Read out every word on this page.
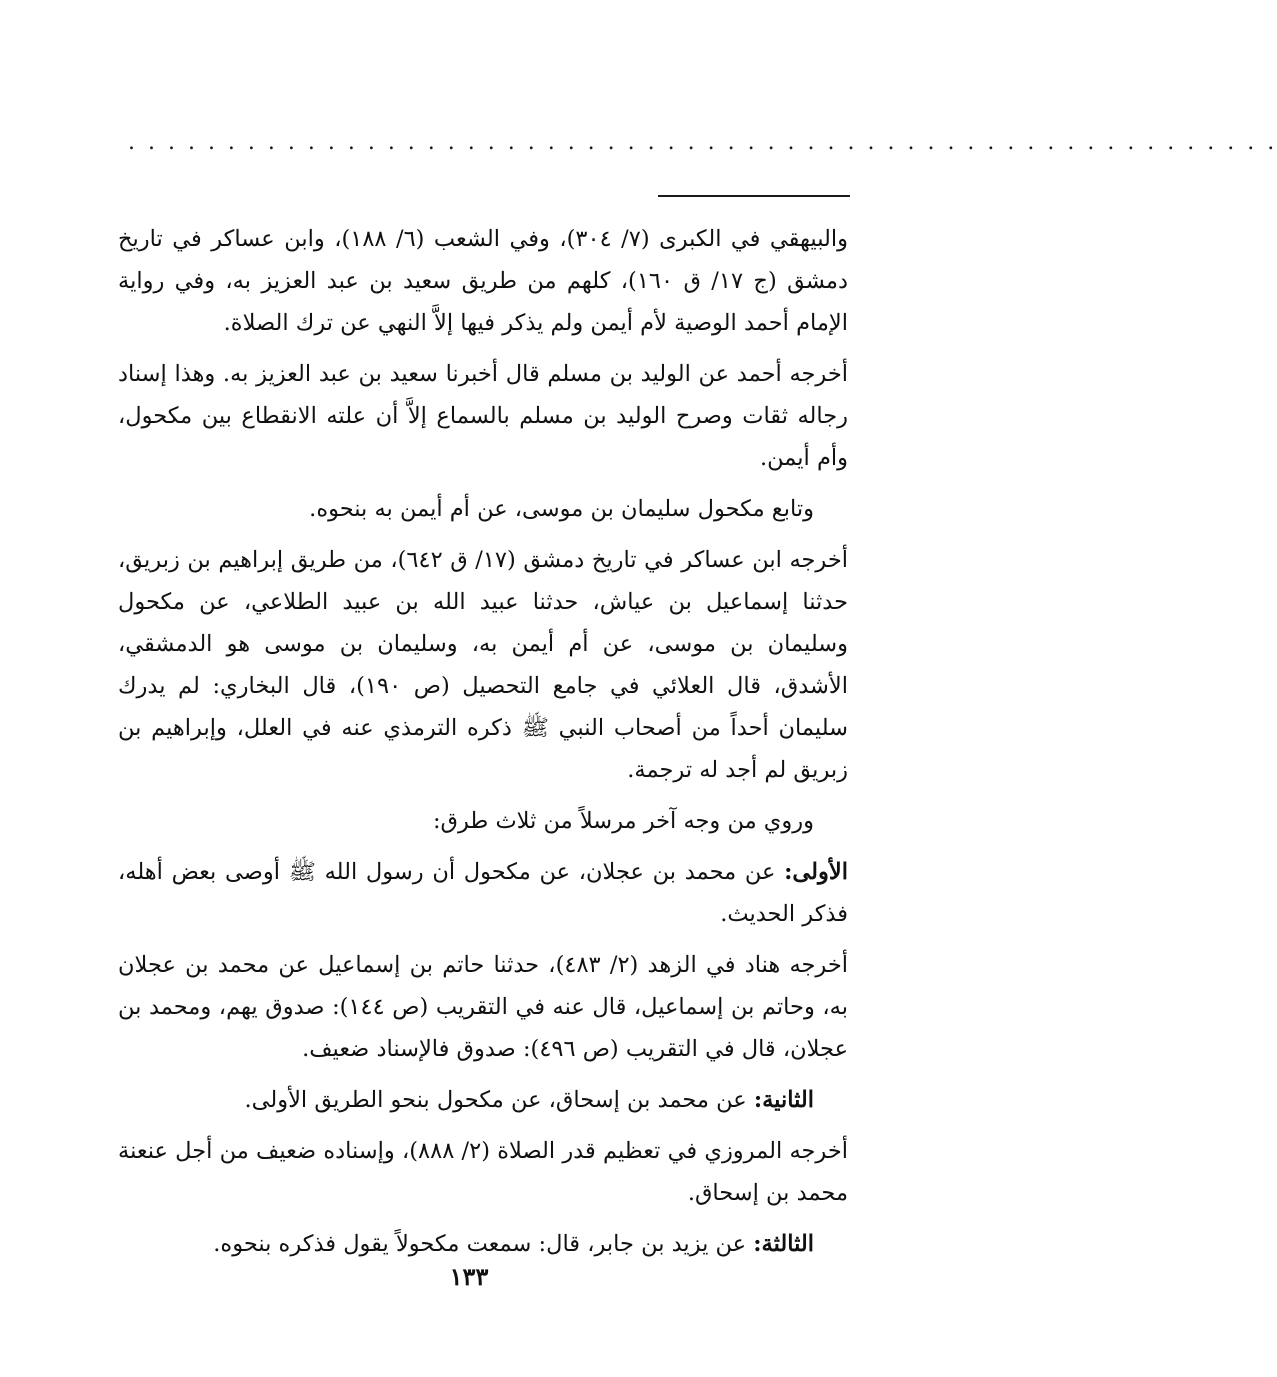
. . . . . . . . . . . . . . . . . . . . . . . . . . . . . . . . . . . . . . . . . . . . . . . . . . . . . . . . . .

والبيهقي في الكبرى (٧/ ٣٠٤)، وفي الشعب (٦/ ١٨٨)، وابن عساكر في تاريخ دمشق (ج ١٧/ ق ١٦٠)، كلهم من طريق سعيد بن عبد العزيز به، وفي رواية الإمام أحمد الوصية لأم أيمن ولم يذكر فيها إلاَّ النهي عن ترك الصلاة.

أخرجه أحمد عن الوليد بن مسلم قال أخبرنا سعيد بن عبد العزيز به. وهذا إسناد رجاله ثقات وصرح الوليد بن مسلم بالسماع إلاَّ أن علته الانقطاع بين مكحول، وأم أيمن.

وتابع مكحول سليمان بن موسى، عن أم أيمن به بنحوه.

أخرجه ابن عساكر في تاريخ دمشق (١٧/ ق ٦٤٢)، من طريق إبراهيم بن زبريق، حدثنا إسماعيل بن عياش، حدثنا عبيد الله بن عبيد الطلاعي، عن مكحول وسليمان بن موسى، عن أم أيمن به، وسليمان بن موسى هو الدمشقي، الأشدق، قال العلائي في جامع التحصيل (ص ١٩٠)، قال البخاري: لم يدرك سليمان أحداً من أصحاب النبي ﷺ ذكره الترمذي عنه في العلل، وإبراهيم بن زبريق لم أجد له ترجمة.

وروي من وجه آخر مرسلاً من ثلاث طرق:

الأولى: عن محمد بن عجلان، عن مكحول أن رسول الله ﷺ أوصى بعض أهله، فذكر الحديث.

أخرجه هناد في الزهد (٢/ ٤٨٣)، حدثنا حاتم بن إسماعيل عن محمد بن عجلان به، وحاتم بن إسماعيل، قال عنه في التقريب (ص ١٤٤): صدوق يهم، ومحمد بن عجلان، قال في التقريب (ص ٤٩٦): صدوق فالإسناد ضعيف.

الثانية: عن محمد بن إسحاق، عن مكحول بنحو الطريق الأولى.

أخرجه المروزي في تعظيم قدر الصلاة (٢/ ٨٨٨)، وإسناده ضعيف من أجل عنعنة محمد بن إسحاق.

الثالثة: عن يزيد بن جابر، قال: سمعت مكحولاً يقول فذكره بنحوه.

١٣٣
